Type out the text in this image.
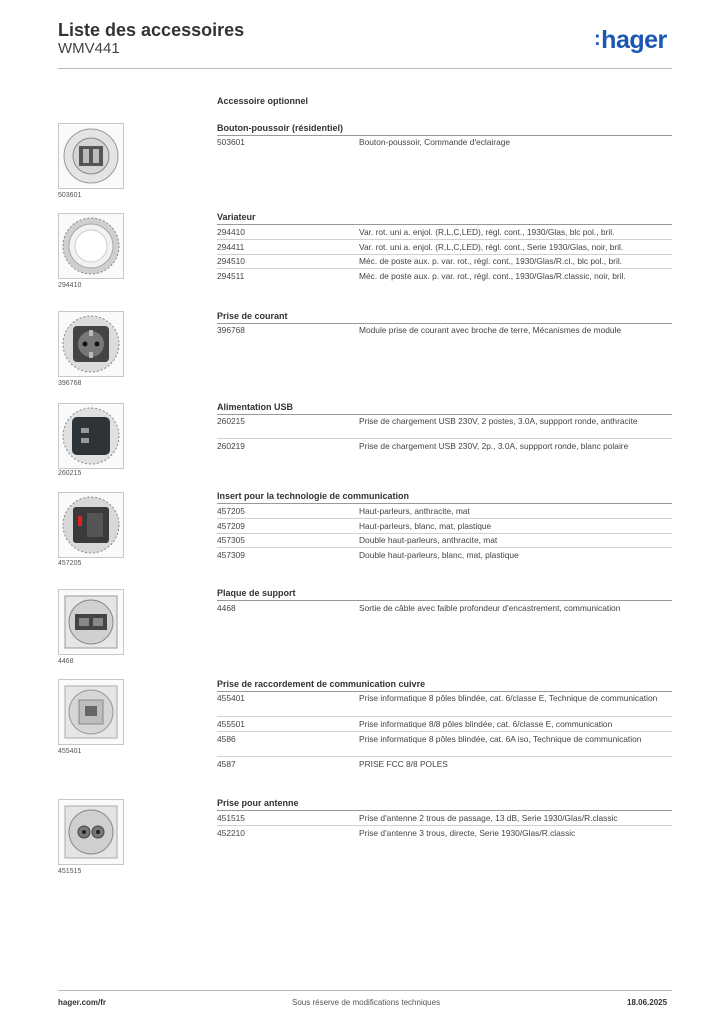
Liste des accessoires
WMV441	:hager
Accessoire optionnel
503601
Bouton-poussoir (résidentiel)
503601	Bouton-poussoir, Commande d'eclairage
294410
Variateur
294410	Var. rot. uni a. enjol. (R,L,C,LED), régl. cont., 1930/Glas, blc pol., bril.
294411	Var. rot. uni a. enjol. (R,L,C,LED), régl. cont., Serie 1930/Glas, noir, bril.
294510	Méc. de poste aux. p. var. rot., régl. cont., 1930/Glas/R.cl., blc pol., bril.
294511	Méc. de poste aux. p. var. rot., régl. cont., 1930/Glas/R.classic, noir, bril.
396768
Prise de courant
396768	Module prise de courant avec broche de terre, Mécanismes de module
260215
Alimentation USB
260215	Prise de chargement USB 230V, 2 postes, 3.0A, suppport ronde, anthracite
260219	Prise de chargement USB 230V, 2p., 3.0A, suppport ronde, blanc polaire
457205
Insert pour la technologie de communication
457205	Haut-parleurs, anthracite, mat
457209	Haut-parleurs, blanc, mat, plastique
457305	Double haut-parleurs, anthracite, mat
457309	Double haut-parleurs, blanc, mat, plastique
4468
Plaque de support
4468	Sortie de câble avec faible profondeur d'encastrement, communication
455401
Prise de raccordement de communication cuivre
455401	Prise informatique 8 pôles blindée, cat. 6/classe E, Technique de communication
455501	Prise informatique 8/8 pôles blindée, cat. 6/classe E, communication
4586	Prise informatique 8 pôles blindée, cat. 6A iso, Technique de communication
4587	PRISE FCC 8/8 POLES
451515
Prise pour antenne
451515	Prise d'antenne 2 trous de passage, 13 dB, Serie 1930/Glas/R.classic
452210	Prise d'antenne 3 trous, directe, Serie 1930/Glas/R.classic
hager.com/fr	Sous réserve de modifications techniques	18.06.2025
